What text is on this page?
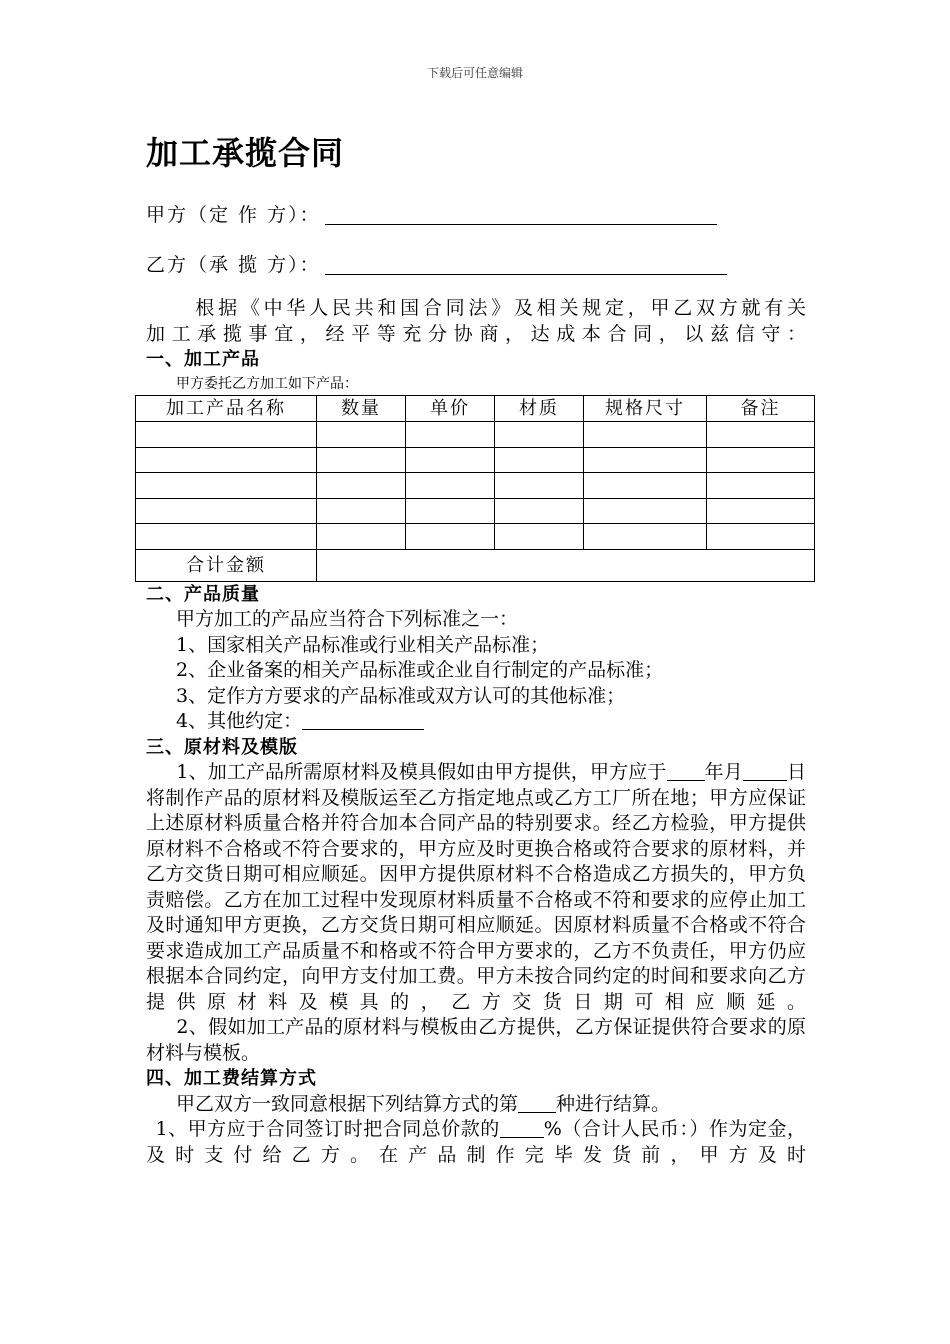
下载后可任意编辑
加工承揽合同
甲方（定 作 方）：
乙方（承 揽 方）：

根据《中华人民共和国合同法》及相关规定，甲乙双方就有关

加工承揽事宜，经平等充分协商，达成本合同，以兹信守：

一、加工产品
甲方委托乙方加工如下产品：
加工产品名称	数量	单价	材质	规格尺寸	备注

合计金额					
二、产品质量
甲方加工的产品应当符合下列标准之一：
1、国家相关产品标准或行业相关产品标准；
2、企业备案的相关产品标准或企业自行制定的产品标准；
3、定作方方要求的产品标准或双方认可的其他标准；
4、其他约定：
三、原材料及模版

1、加工产品所需原材料及模具假如由甲方提供，甲方应于 年月 日将制作产品的原材料及模版运至乙方指定地点或乙方工厂所在地；甲方应保证上述原材料质量合格并符合加本合同产品的特别要求。经乙方检验，甲方提供原材料不合格或不符合要求的，甲方应及时更换合格或符合要求的原材料，并乙方交货日期可相应顺延。因甲方提供原材料不合格造成乙方损失的，甲方负责赔偿。乙方在加工过程中发现原材料质量不合格或不符和要求的应停止加工及时通知甲方更换，乙方交货日期可相应顺延。因原材料质量不合格或不符合要求造成加工产品质量不和格或不符合甲方要求的，乙方不负责任，甲方仍应根据本合同约定，向甲方支付加工费。甲方未按合同约定的时间和要求向乙方提供原材料及模具的，乙方交货日期可相应顺延。

2、假如加工产品的原材料与模板由乙方提供，乙方保证提供符合要求的原材料与模板。

四、加工费结算方式
甲乙双方一致同意根据下列结算方式的第 种进行结算。

1、甲方应于合同签订时把合同总价款的 %（合计人民币：）作为定金，及时支付给乙方。在产品制作完毕发货前，甲方及时
